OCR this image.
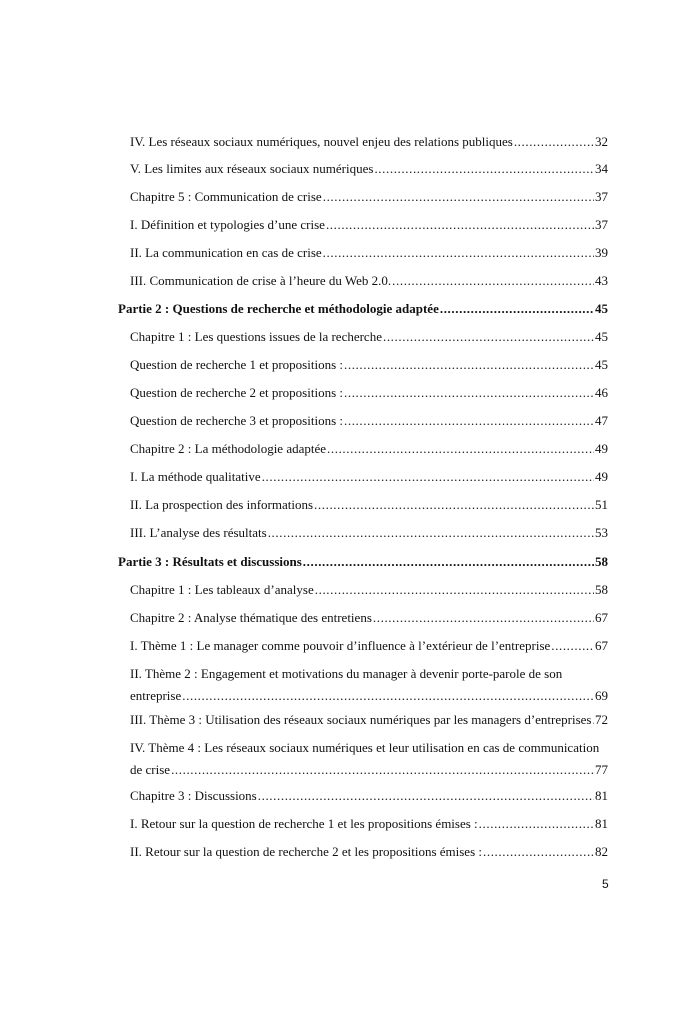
IV. Les réseaux sociaux numériques, nouvel enjeu des relations publiques .....	32
V. Les limites aux réseaux sociaux numériques .....	34
Chapitre 5 : Communication de crise .....	37
I. Définition et typologies d’une crise .....	37
II. La communication en cas de crise .....	39
III. Communication de crise à l’heure du Web 2.0. .....	43
Partie 2 : Questions de recherche et méthodologie adaptée .....	45
Chapitre 1 : Les questions issues de la recherche .....	45
Question de recherche 1 et propositions : .....	45
Question de recherche 2 et propositions : .....	46
Question de recherche 3 et propositions : .....	47
Chapitre 2 : La méthodologie adaptée .....	49
I. La méthode qualitative .....	49
II. La prospection des informations .....	51
III. L’analyse des résultats .....	53
Partie 3 : Résultats et discussions .....	58
Chapitre 1 : Les tableaux d’analyse .....	58
Chapitre 2 : Analyse thématique des entretiens .....	67
I. Thème 1 : Le manager comme pouvoir d’influence à l’extérieur de l’entreprise .....	67
II. Thème 2 : Engagement et motivations du manager à devenir porte-parole de son
entreprise .....	69
III. Thème 3 : Utilisation des réseaux sociaux numériques par les managers d’entreprises ..... 72
IV. Thème 4 : Les réseaux sociaux numériques et leur utilisation en cas de communication
de crise .....	77
Chapitre 3 : Discussions .....	81
I. Retour sur la question de recherche 1 et les propositions émises : .....	81
II. Retour sur la question de recherche 2 et les propositions émises : .....	82
5
